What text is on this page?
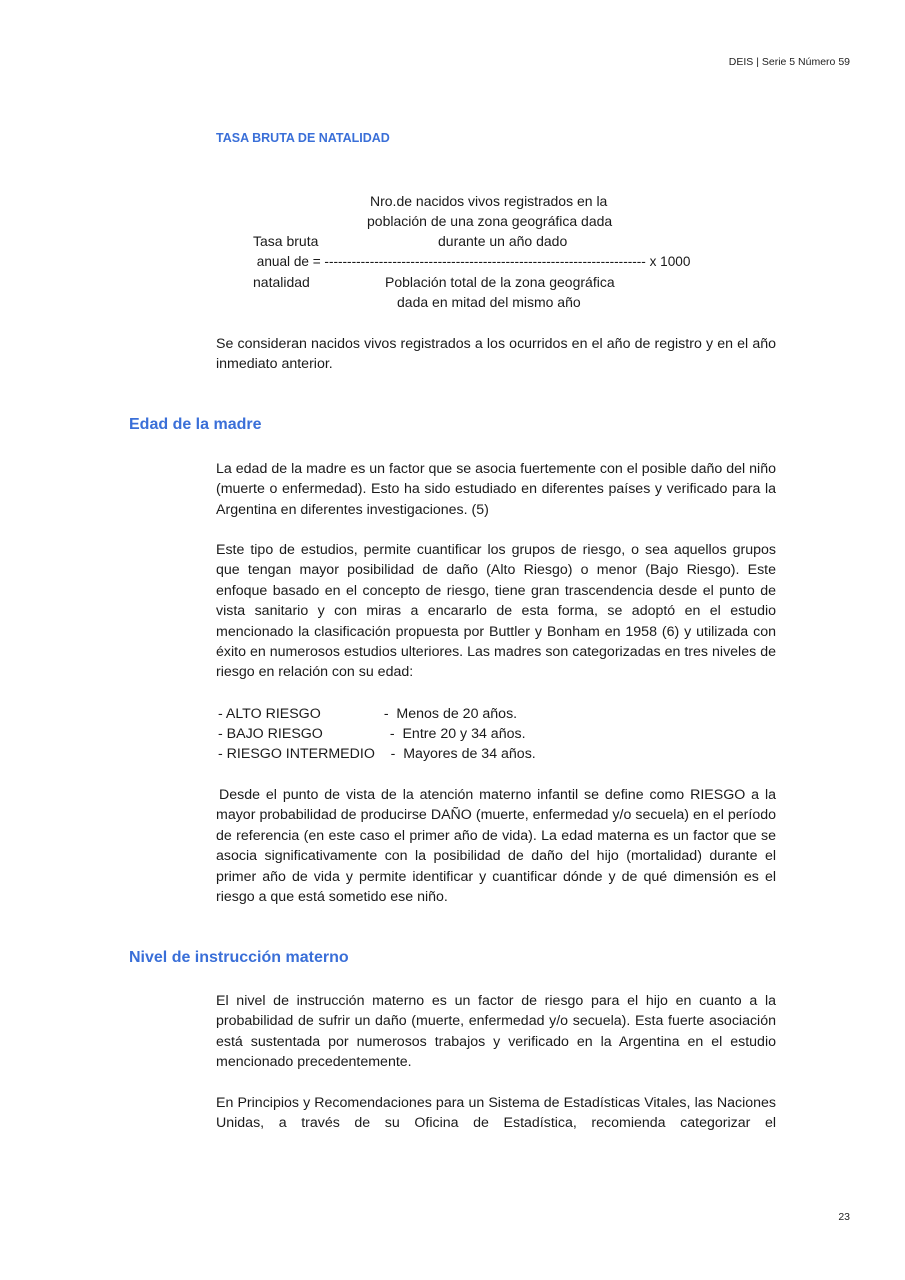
DEIS | Serie 5 Número 59
TASA BRUTA DE NATALIDAD
Nro.de nacidos vivos registrados en la
población de una zona geográfica dada
Tasa bruta	durante un año dado
anual de = ----------------------------------------------------------------------- x 1000
natalidad	Población total de la zona geográfica
dada en mitad del mismo año

Se consideran nacidos vivos registrados a los ocurridos en el año de registro y en el año inmediato anterior.

Edad de la madre

La edad de la madre es un factor que se asocia fuertemente con el posible daño del niño (muerte o enfermedad). Esto ha sido estudiado en diferentes países y verificado para la Argentina en diferentes investigaciones. (5)

Este tipo de estudios, permite cuantificar los grupos de riesgo, o sea aquellos grupos que tengan mayor posibilidad de daño (Alto Riesgo) o menor (Bajo Riesgo). Este enfoque basado en el concepto de riesgo, tiene gran trascendencia desde el punto de vista sanitario y con miras a encararlo de esta forma, se adoptó en el estudio mencionado la clasificación propuesta por Buttler y Bonham en 1958 (6) y utilizada con éxito en numerosos estudios ulteriores. Las madres son categorizadas en tres niveles de riesgo en relación con su edad:

- ALTO RIESGO                -  Menos de 20 años.
- BAJO RIESGO                 -  Entre 20 y 34 años.
- RIESGO INTERMEDIO    -  Mayores de 34 años.

Desde el punto de vista de la atención materno infantil se define como RIESGO a la mayor probabilidad de producirse DAÑO (muerte, enfermedad y/o secuela) en el período de referencia (en este caso el primer año de vida). La edad materna es un factor que se asocia significativamente con la posibilidad de daño del hijo (mortalidad) durante el primer año de vida y permite identificar y cuantificar dónde y de qué dimensión es el riesgo a que está sometido ese niño.

Nivel de instrucción materno

El nivel de instrucción materno es un factor de riesgo para el hijo en cuanto a la probabilidad de sufrir un daño (muerte, enfermedad y/o secuela). Esta fuerte asociación está sustentada por numerosos trabajos y verificado en la Argentina en el estudio mencionado precedentemente.

En Principios y Recomendaciones para un Sistema de Estadísticas Vitales, las Naciones Unidas, a través de su Oficina de Estadística, recomienda categorizar el

23
